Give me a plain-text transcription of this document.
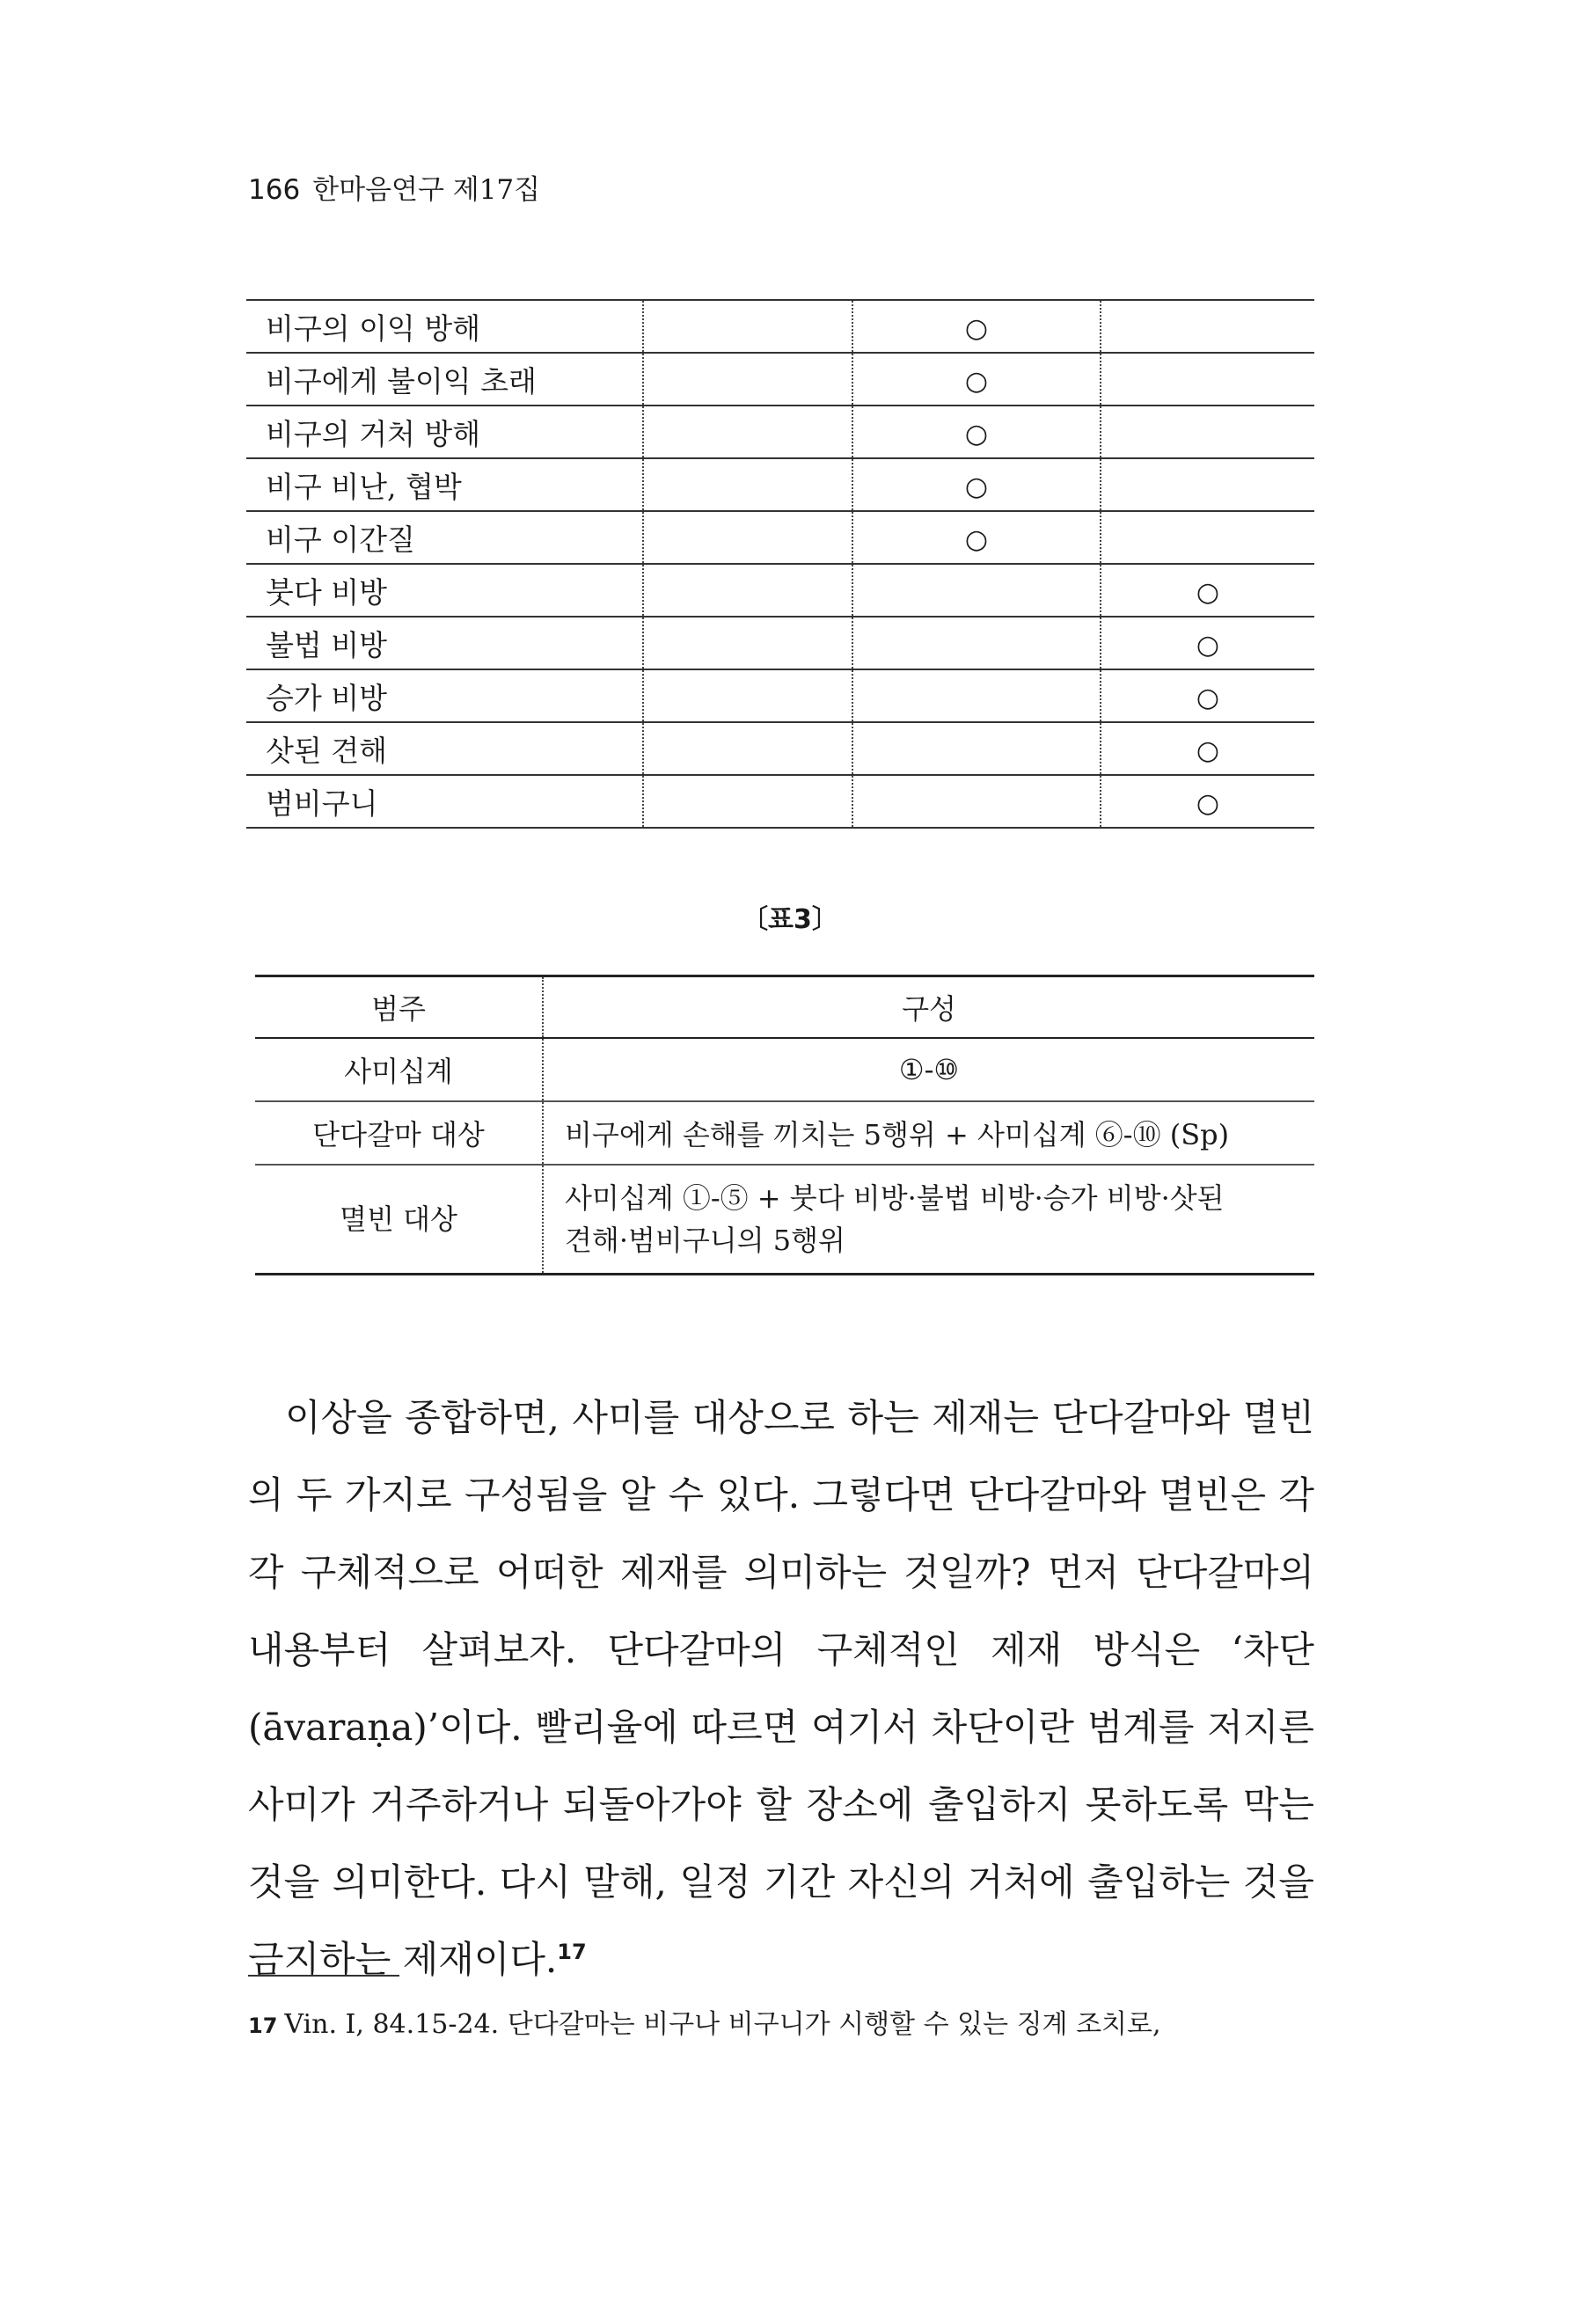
166 한마음연구 제17집
비구의 이익 방해		○	
비구에게 불이익 초래		○	
비구의 거처 방해		○	
비구 비난, 협박		○	
비구 이간질		○	
붓다 비방			○
불법 비방			○
승가 비방			○
삿된 견해			○
범비구니			○
〔표3〕
범주	구성
사미십계	①-⑩
단다갈마 대상	비구에게 손해를 끼치는 5행위 + 사미십계 ⑥-⑩ (Sp)
멸빈 대상	사미십계 ①-⑤ + 붓다 비방·불법 비방·승가 비방·삿된
견해·범비구니의 5행위

이상을 종합하면, 사미를 대상으로 하는 제재는 단다갈마와 멸빈의 두 가지로 구성됨을 알 수 있다. 그렇다면 단다갈마와 멸빈은 각각 구체적으로 어떠한 제재를 의미하는 것일까? 먼저 단다갈마의 내용부터 살펴보자. 단다갈마의 구체적인 제재 방식은 ‘차단(āvaraṇa)’이다. 빨리율에 따르면 여기서 차단이란 범계를 저지른 사미가 거주하거나 되돌아가야 할 장소에 출입하지 못하도록 막는 것을 의미한다. 다시 말해, 일정 기간 자신의 거처에 출입하는 것을 금지하는 제재이다.$^{17}$

17 Vin. Ⅰ, 84.15-24. 단다갈마는 비구나 비구니가 시행할 수 있는 징계 조치로,
